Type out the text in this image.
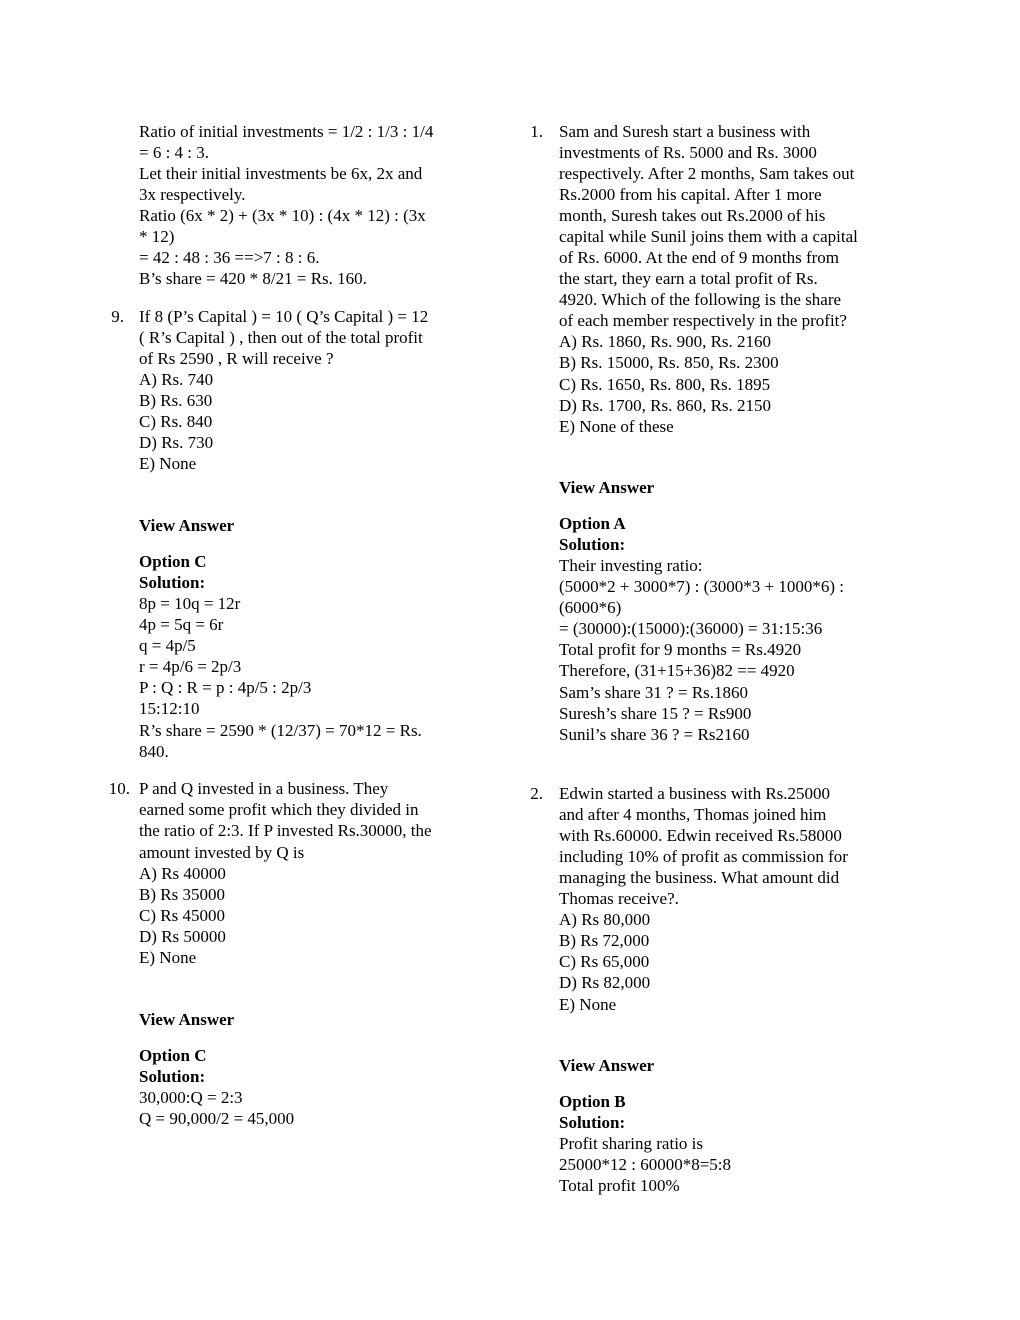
Ratio of initial investments = 1/2 : 1/3 : 1/4
= 6 : 4 : 3.
Let their initial investments be 6x, 2x and
3x respectively.
Ratio (6x * 2) + (3x * 10) : (4x * 12) : (3x
* 12)
= 42 : 48 : 36 ==>7 : 8 : 6.
B’s share = 420 * 8/21 = Rs. 160.
9. If 8 (P’s Capital ) = 10 ( Q’s Capital ) = 12
( R’s Capital ) , then out of the total profit
of Rs 2590 , R will receive ?
A) Rs. 740
B) Rs. 630
C) Rs. 840
D) Rs. 730
E) None
View Answer
Option C
Solution:
8p = 10q = 12r
4p = 5q = 6r
q = 4p/5
r = 4p/6 = 2p/3
P : Q : R = p : 4p/5 : 2p/3
15:12:10
R’s share = 2590 * (12/37) = 70*12 = Rs.
840.
10. P and Q invested in a business. They
earned some profit which they divided in
the ratio of 2:3. If P invested Rs.30000, the
amount invested by Q is
A) Rs 40000
B) Rs 35000
C) Rs 45000
D) Rs 50000
E) None
View Answer
Option C
Solution:
30,000:Q = 2:3
Q = 90,000/2 = 45,000
1. Sam and Suresh start a business with
investments of Rs. 5000 and Rs. 3000
respectively. After 2 months, Sam takes out
Rs.2000 from his capital. After 1 more
month, Suresh takes out Rs.2000 of his
capital while Sunil joins them with a capital
of Rs. 6000. At the end of 9 months from
the start, they earn a total profit of Rs.
4920. Which of the following is the share
of each member respectively in the profit?
A) Rs. 1860, Rs. 900, Rs. 2160
B) Rs. 15000, Rs. 850, Rs. 2300
C) Rs. 1650, Rs. 800, Rs. 1895
D) Rs. 1700, Rs. 860, Rs. 2150
E) None of these
View Answer
Option A
Solution:
Their investing ratio:
(5000*2 + 3000*7) : (3000*3 + 1000*6) :
(6000*6)
= (30000):(15000):(36000) = 31:15:36
Total profit for 9 months = Rs.4920
Therefore, (31+15+36)82 == 4920
Sam’s share 31 ? = Rs.1860
Suresh’s share 15 ? = Rs900
Sunil’s share 36 ? = Rs2160
2. Edwin started a business with Rs.25000
and after 4 months, Thomas joined him
with Rs.60000. Edwin received Rs.58000
including 10% of profit as commission for
managing the business. What amount did
Thomas receive?.
A) Rs 80,000
B) Rs 72,000
C) Rs 65,000
D) Rs 82,000
E) None
View Answer
Option B
Solution:
Profit sharing ratio is
25000*12 : 60000*8=5:8
Total profit 100%
